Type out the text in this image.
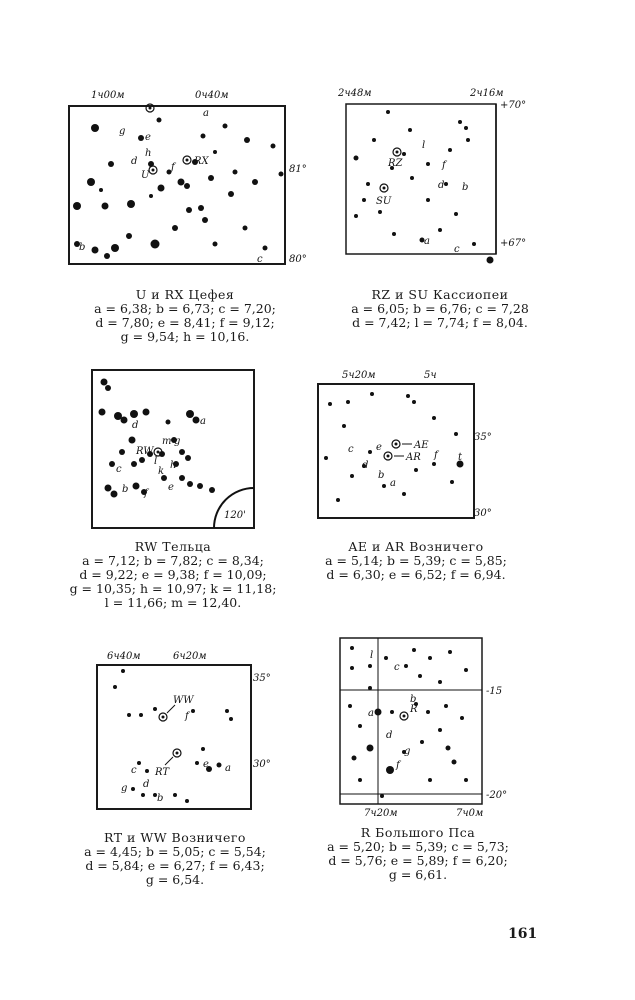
1ч00м	0ч40м
81°
80°
a
b
c
d
e
f
g
h
U
RX
U и RX Цефея
a = 6,38; b = 6,73; c = 7,20;
d = 7,80; e = 8,41; f = 9,12;
g = 9,54; h = 10,16.
2ч48м	2ч16м
+70°
+67°
a
b
c
d
f
l
RZ
SU
RZ и SU Кассиопеи
a = 6,05; b = 6,76; c = 7,28
d = 7,42; l = 7,74; f = 8,04.
120'
a
b
c
d
e
f
g
h
k
l
m
RW
RW Тельца
a = 7,12; b = 7,82; c = 8,34;
d = 9,22; e = 9,38; f = 10,09;
g = 10,35; h = 10,97; k = 11,18;
l = 11,66; m = 12,40.
5ч20м	5ч
35°
30°
a
b
c
d
e
f t
AE
AR
AE и AR Возничего
a = 5,14; b = 5,39; c = 5,85;
d = 6,30; e = 6,52; f = 6,94.
6ч40м	6ч20м
35°
30°
a
b
c
d
e
f
g
WW
RT
RT и WW Возничего
a = 4,45; b = 5,05; c = 5,54;
d = 5,84; e = 6,27; f = 6,43;
g = 6,54.
-15
-20°
7ч20м	7ч0м
a
b
c
d
f
g
l
R
R Большого Пса
a = 5,20; b = 5,39; c = 5,73;
d = 5,76; e = 5,89; f = 6,20;
g = 6,61.
161
